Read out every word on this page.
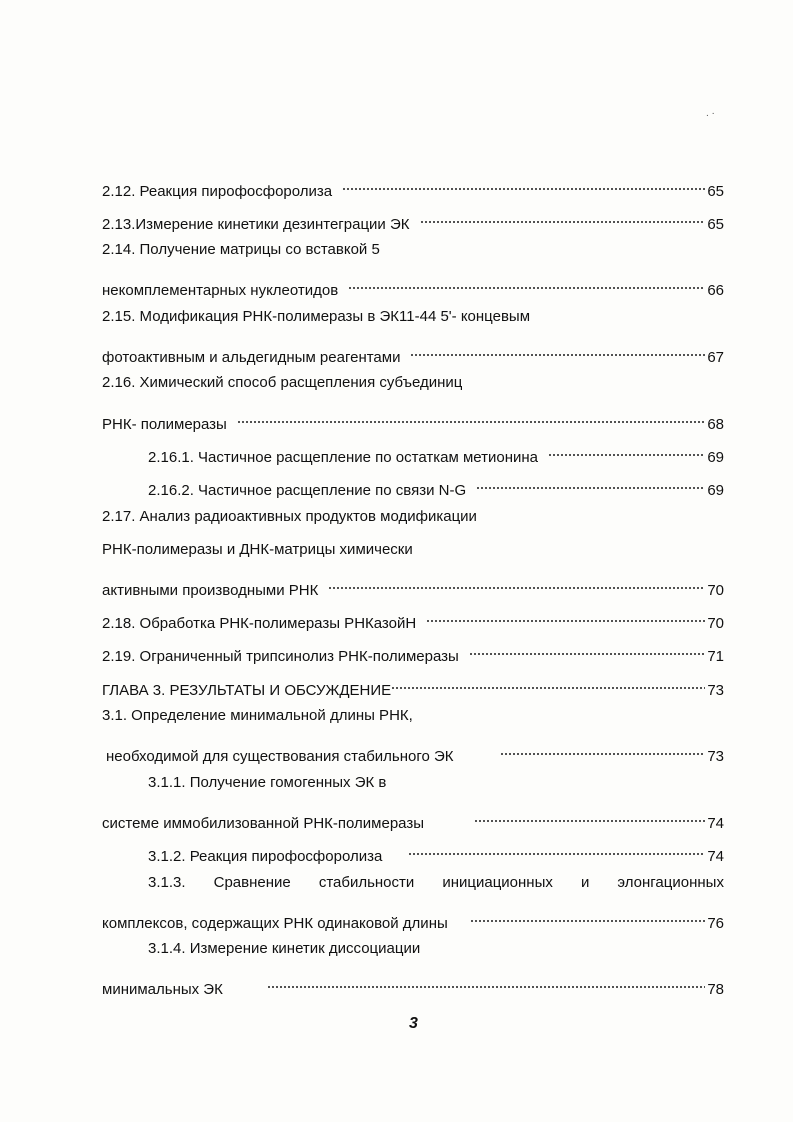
. ·
2.12. Реакция пирофосфоролиза	65
2.13.Измерение кинетики дезинтеграции ЭК	65
2.14. Получение матрицы со вставкой 5
некомплементарных нуклеотидов	66
2.15. Модификация РНК-полимеразы в ЭК11-44 5'- концевым
фотоактивным и альдегидным реагентами	67
2.16. Химический способ расщепления субъединиц
РНК- полимеразы	68
2.16.1. Частичное расщепление по остаткам метионина	69
2.16.2. Частичное расщепление по связи N-G	69
2.17. Анализ радиоактивных продуктов модификации
РНК-полимеразы и ДНК-матрицы химически
активными производными РНК	70
2.18. Обработка РНК-полимеразы РНКазойН	70
2.19. Ограниченный трипсинолиз РНК-полимеразы	71
ГЛАВА 3. РЕЗУЛЬТАТЫ И ОБСУЖДЕНИЕ	73
3.1. Определение минимальной длины РНК,
необходимой для существования стабильного ЭК	73
3.1.1. Получение гомогенных ЭК в
системе иммобилизованной РНК-полимеразы	74
3.1.2. Реакция пирофосфоролиза	74
3.1.3. Сравнение стабильности инициационных и элонгационных
комплексов, содержащих РНК одинаковой длины	76
3.1.4. Измерение кинетик диссоциации
минимальных ЭК	78
3
